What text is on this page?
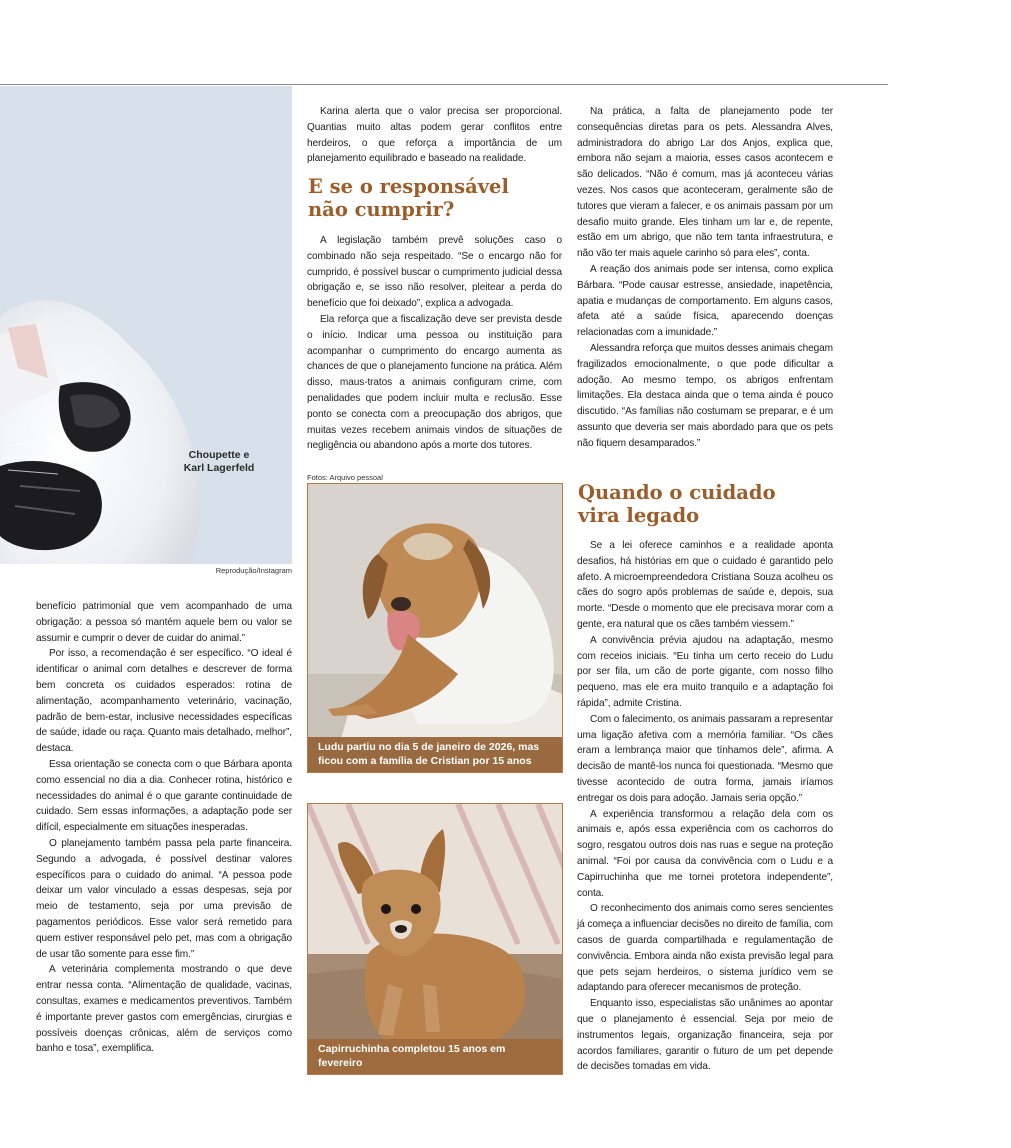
Choupette e
Karl Lagerfeld
Reprodução/Instagram

benefício patrimonial que vem acompanhado de uma obrigação: a pessoa só mantém aquele bem ou valor se assumir e cumprir o dever de cuidar do animal.”

Por isso, a recomendação é ser específico. “O ideal é identificar o animal com detalhes e descrever de forma bem concreta os cuidados esperados: rotina de alimentação, acompanhamento veterinário, vacinação, padrão de bem-estar, inclusive necessidades específicas de saúde, idade ou raça. Quanto mais detalhado, melhor”, destaca.

Essa orientação se conecta com o que Bárbara aponta como essencial no dia a dia. Conhecer rotina, histórico e necessidades do animal é o que garante continuidade de cuidado. Sem essas informações, a adaptação pode ser difícil, especialmente em situações inesperadas.

O planejamento também passa pela parte financeira. Segundo a advogada, é possível destinar valores específicos para o cuidado do animal. “A pessoa pode deixar um valor vinculado a essas despesas, seja por meio de testamento, seja por uma previsão de pagamentos periódicos. Esse valor será remetido para quem estiver responsável pelo pet, mas com a obrigação de usar tão somente para esse fim.”

A veterinária complementa mostrando o que deve entrar nessa conta. “Alimentação de qualidade, vacinas, consultas, exames e medicamentos preventivos. Também é importante prever gastos com emergências, cirurgias e possíveis doenças crônicas, além de serviços como banho e tosa”, exemplifica.

Karina alerta que o valor precisa ser proporcional. Quantias muito altas podem gerar conflitos entre herdeiros, o que reforça a importância de um planejamento equilibrado e baseado na realidade.

E se o responsável
não cumprir?

A legislação também prevê soluções caso o combinado não seja respeitado. “Se o encargo não for cumprido, é possível buscar o cumprimento judicial dessa obrigação e, se isso não resolver, pleitear a perda do benefício que foi deixado”, explica a advogada.

Ela reforça que a fiscalização deve ser prevista desde o início. Indicar uma pessoa ou instituição para acompanhar o cumprimento do encargo aumenta as chances de que o planejamento funcione na prática. Além disso, maus-tratos a animais configuram crime, com penalidades que podem incluir multa e reclusão. Esse ponto se conecta com a preocupação dos abrigos, que muitas vezes recebem animais vindos de situações de negligência ou abandono após a morte dos tutores.

Fotos: Arquivo pessoal
Ludu partiu no dia 5 de janeiro de 2026, mas ficou com a família de Cristian por 15 anos
Capirruchinha completou 15 anos em fevereiro

Na prática, a falta de planejamento pode ter consequências diretas para os pets. Alessandra Alves, administradora do abrigo Lar dos Anjos, explica que, embora não sejam a maioria, esses casos acontecem e são delicados. “Não é comum, mas já aconteceu várias vezes. Nos casos que aconteceram, geralmente são de tutores que vieram a falecer, e os animais passam por um desafio muito grande. Eles tinham um lar e, de repente, estão em um abrigo, que não tem tanta infraestrutura, e não vão ter mais aquele carinho só para eles”, conta.

A reação dos animais pode ser intensa, como explica Bárbara. “Pode causar estresse, ansiedade, inapetência, apatia e mudanças de comportamento. Em alguns casos, afeta até a saúde física, aparecendo doenças relacionadas com a imunidade.”

Alessandra reforça que muitos desses animais chegam fragilizados emocionalmente, o que pode dificultar a adoção. Ao mesmo tempo, os abrigos enfrentam limitações. Ela destaca ainda que o tema ainda é pouco discutido. “As famílias não costumam se preparar, e é um assunto que deveria ser mais abordado para que os pets não fiquem desamparados.”

Quando o cuidado
vira legado

Se a lei oferece caminhos e a realidade aponta desafios, há histórias em que o cuidado é garantido pelo afeto. A microempreendedora Cristiana Souza acolheu os cães do sogro após problemas de saúde e, depois, sua morte. “Desde o momento que ele precisava morar com a gente, era natural que os cães também viessem.”

A convivência prévia ajudou na adaptação, mesmo com receios iniciais. “Eu tinha um certo receio do Ludu por ser fila, um cão de porte gigante, com nosso filho pequeno, mas ele era muito tranquilo e a adaptação foi rápida”, admite Cristina.

Com o falecimento, os animais passaram a representar uma ligação afetiva com a memória familiar. “Os cães eram a lembrança maior que tínhamos dele”, afirma. A decisão de mantê-los nunca foi questionada. “Mesmo que tivesse acontecido de outra forma, jamais iríamos entregar os dois para adoção. Jamais seria opção.”

A experiência transformou a relação dela com os animais e, após essa experiência com os cachorros do sogro, resgatou outros dois nas ruas e segue na proteção animal. “Foi por causa da convivência com o Ludu e a Capirruchinha que me tornei protetora independente”, conta.

O reconhecimento dos animais como seres sencientes já começa a influenciar decisões no direito de família, com casos de guarda compartilhada e regulamentação de convivência. Embora ainda não exista previsão legal para que pets sejam herdeiros, o sistema jurídico vem se adaptando para oferecer mecanismos de proteção.

Enquanto isso, especialistas são unânimes ao apontar que o planejamento é essencial. Seja por meio de instrumentos legais, organização financeira, seja por acordos familiares, garantir o futuro de um pet depende de decisões tomadas em vida.
